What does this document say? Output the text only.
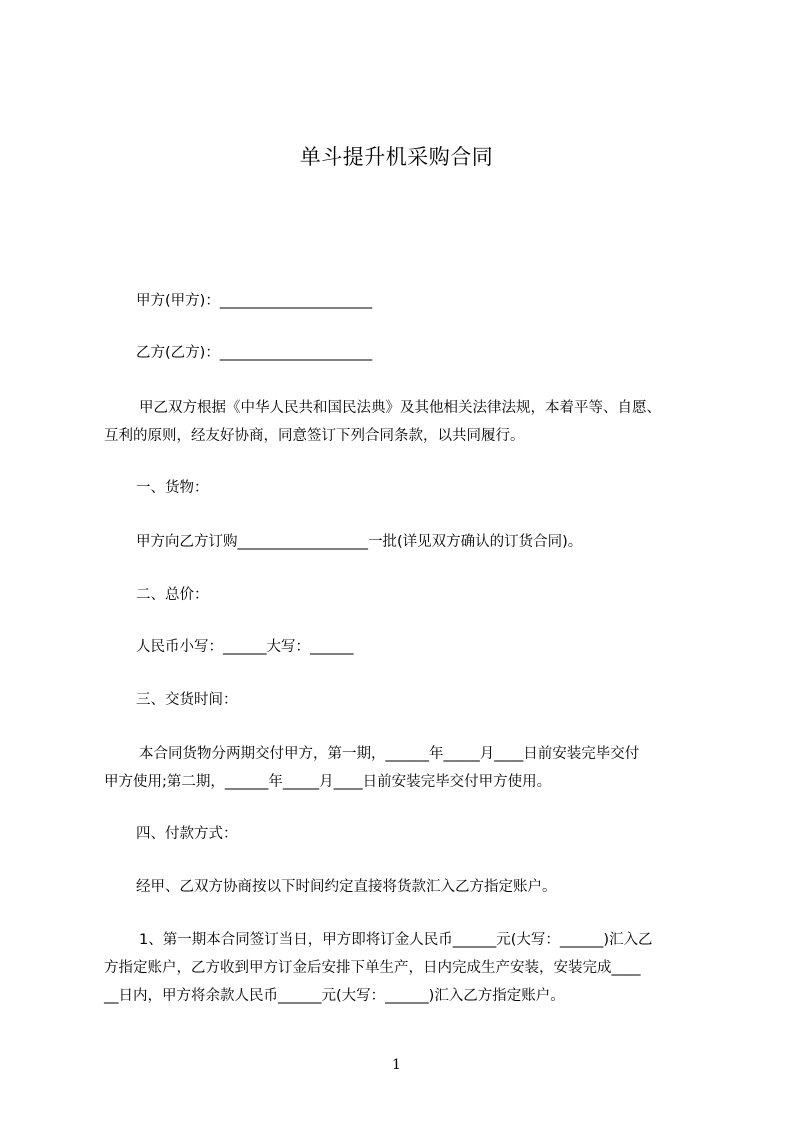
单斗提升机采购合同
甲方(甲方)：_____________________
乙方(乙方)：_____________________
甲乙双方根据《中华人民共和国民法典》及其他相关法律法规，本着平等、自愿、
互利的原则，经友好协商，同意签订下列合同条款，以共同履行。
一、货物：
甲方向乙方订购__________________一批(详见双方确认的订货合同)。
二、总价：
人民币小写：______大写：______
三、交货时间：
本合同货物分两期交付甲方，第一期，______年_____月____日前安装完毕交付
甲方使用;第二期，______年_____月____日前安装完毕交付甲方使用。
四、付款方式：
经甲、乙双方协商按以下时间约定直接将货款汇入乙方指定账户。
1、第一期本合同签订当日，甲方即将订金人民币______元(大写：______)汇入乙
方指定账户，乙方收到甲方订金后安排下单生产，日内完成生产安装，安装完成____
__日内，甲方将余款人民币______元(大写：______)汇入乙方指定账户。
1
